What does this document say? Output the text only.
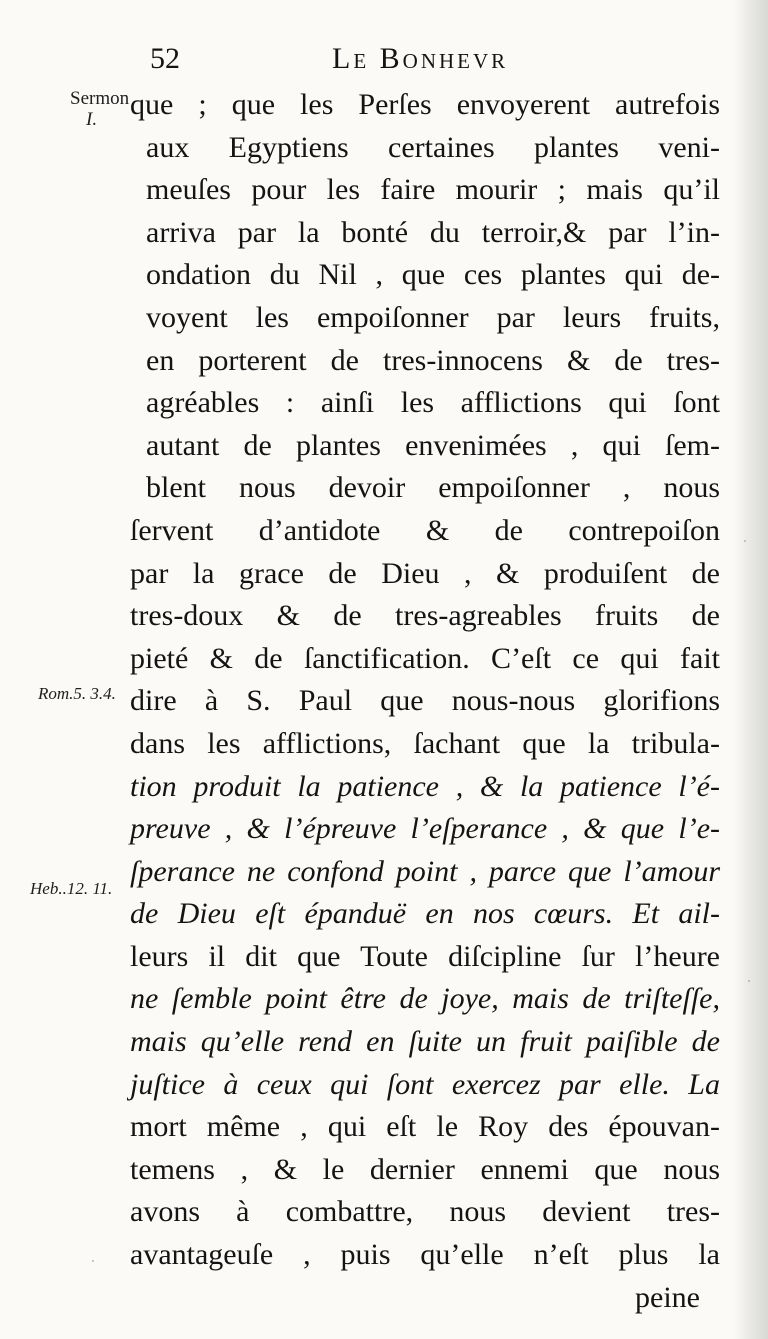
52	Le Bonhevr
Sermon
I.
Rom.5. 3.4.
Heb..12. 11.
que ; que les Perſes envoyerent autrefois
aux Egyptiens certaines plantes veni-
meuſes pour les faire mourir ; mais qu’il
arriva par la bonté du terroir,& par l’in-
ondation du Nil , que ces plantes qui de-
voyent les empoiſonner par leurs fruits,
en porterent de tres-innocens & de tres-
agréables : ainſi les afflictions qui ſont
autant de plantes envenimées , qui ſem-
blent nous devoir empoiſonner , nous
ſervent d’antidote & de contrepoiſon
par la grace de Dieu , & produiſent de
tres-doux & de tres-agreables fruits de
pieté & de ſanctification. C’eſt ce qui fait
dire à S. Paul que nous-nous glorifions
dans les afflictions, ſachant que la tribula-
tion produit la patience , & la patience l’é-
preuve , & l’épreuve l’eſperance , & que l’e-
ſperance ne confond point , parce que l’amour
de Dieu eſt épanduë en nos cœurs. Et ail-
leurs il dit que Toute diſcipline ſur l’heure
ne ſemble point être de joye, mais de triſteſſe,
mais qu’elle rend en ſuite un fruit paiſible de
juſtice à ceux qui ſont exercez par elle. La
mort même , qui eſt le Roy des épouvan-
temens , & le dernier ennemi que nous
avons à combattre, nous devient tres-
avantageuſe , puis qu’elle n’eſt plus la
peine
